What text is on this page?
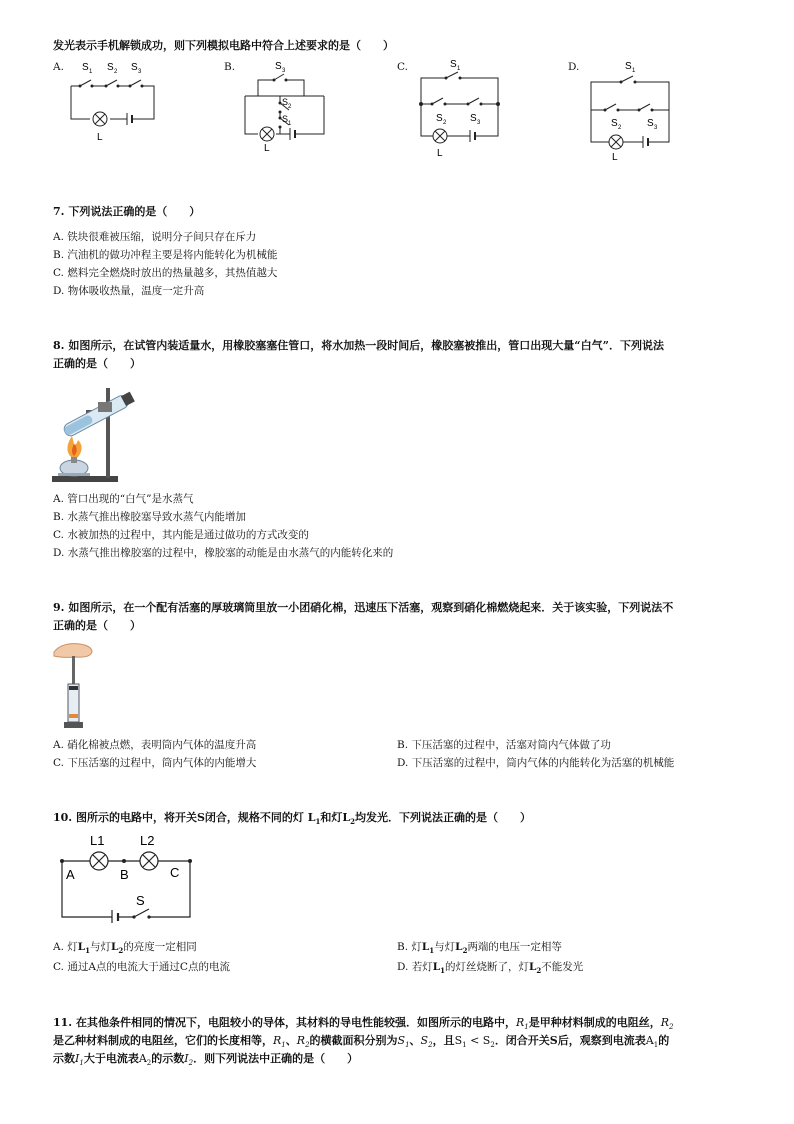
发光表示手机解锁成功，则下列模拟电路中符合上述要求的是（　　）
A. S 1 S 2 S 3
L
B.	S 3
S 2
S 1
L
C.	S 1
S 2 S 3
L
D.	S 1
S 2	S 3
L
7. 下列说法正确的是（　　）
A. 铁块很难被压缩，说明分子间只存在斥力
B. 汽油机的做功冲程主要是将内能转化为机械能
C. 燃料完全燃烧时放出的热量越多，其热值越大
D. 物体吸收热量，温度一定升高
8. 如图所示，在试管内装适量水，用橡胶塞塞住管口，将水加热一段时间后，橡胶塞被推出，管口出现大量“白气”．下列说法
正确的是（　　）
A. 管口出现的“白气”是水蒸气
B. 水蒸气推出橡胶塞导致水蒸气内能增加
C. 水被加热的过程中，其内能是通过做功的方式改变的
D. 水蒸气推出橡胶塞的过程中，橡胶塞的动能是由水蒸气的内能转化来的
9. 如图所示，在一个配有活塞的厚玻璃筒里放一小团硝化棉，迅速压下活塞，观察到硝化棉燃烧起来．关于该实验，下列说法不
正确的是（　　）
A. 硝化棉被点燃，表明筒内气体的温度升高	B. 下压活塞的过程中，活塞对筒内气体做了功
C. 下压活塞的过程中，筒内气体的内能增大	D. 下压活塞的过程中，筒内气体的内能转化为活塞的机械能
10. 图所示的电路中，将开关S闭合，规格不同的灯 $L_1$和灯$L_2$均发光．下列说法正确的是（　　）
L1	L2
A	B	C
S
A. 灯$L_1$与灯$L_2$的亮度一定相同	B. 灯$L_1$与灯$L_2$两端的电压一定相等
C. 通过A点的电流大于通过C点的电流	D. 若灯$L_1$的灯丝烧断了，灯$L_2$不能发光
11. 在其他条件相同的情况下，电阻较小的导体，其材料的导电性能较强．如图所示的电路中，$R_1$是甲种材料制成的电阻丝，$R_2$
是乙种材料制成的电阻丝，它们的长度相等，$R_1$、$R_2$的横截面积分别为$S_1$、$S_2$，且$S_1 < S_2$．闭合开关S后，观察到电流表$A_1$的
示数$I_1$大于电流表$A_2$的示数$I_2$．则下列说法中正确的是（　　）
